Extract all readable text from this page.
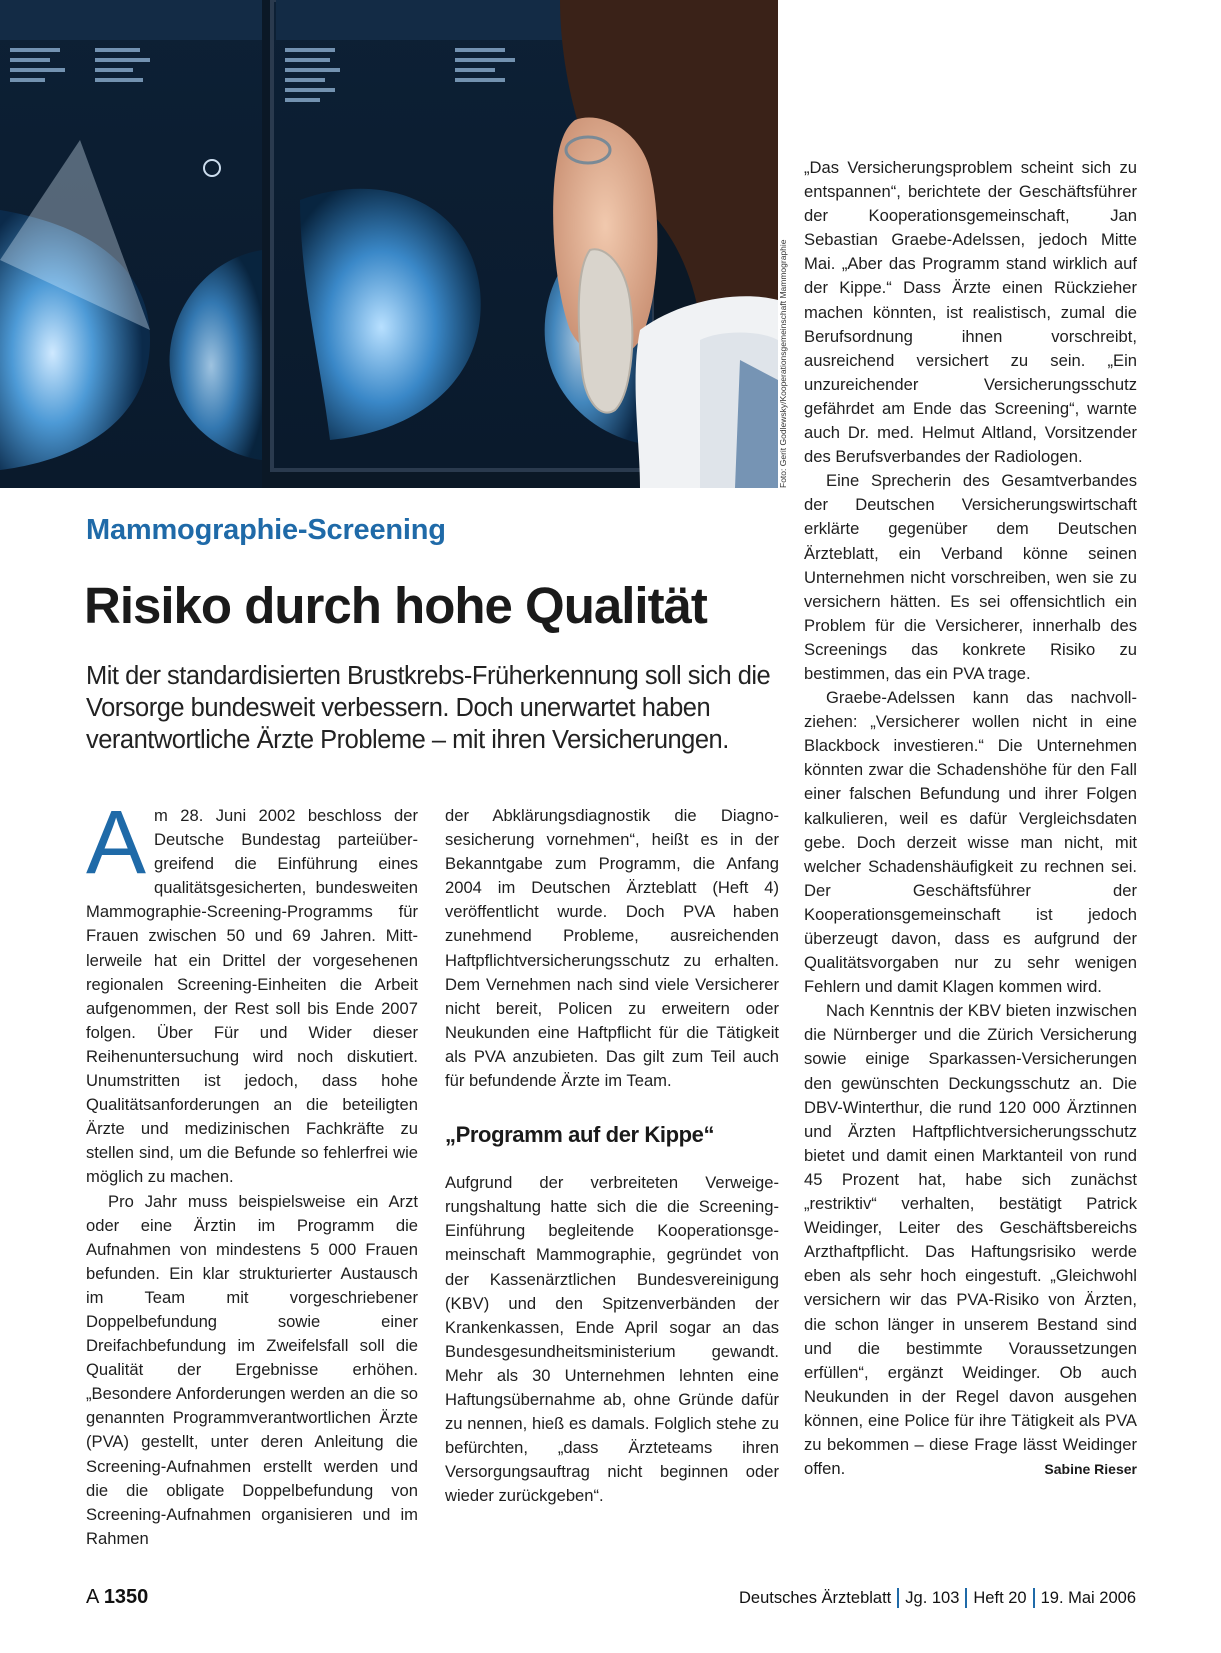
Foto: Gerit Godlewsky/Kooperationsgemeinschaft Mammographie
Mammographie-Screening
Risiko durch hohe Qualität

Mit der standardisierten Brustkrebs-Früherkennung soll sich die Vorsorge bundesweit verbessern. Doch unerwartet haben verantwortliche Ärzte Probleme – mit ihren Versicherungen.

Am 28. Juni 2002 beschloss der Deutsche Bundestag parteiübergreifend die Einführung eines qualitätsgesicherten, bundesweiten Mammographie-Screening-Programms für Frauen zwischen 50 und 69 Jahren. Mittlerweile hat ein Drittel der vorgesehenen regionalen Screening-Einheiten die Arbeit aufgenommen, der Rest soll bis Ende 2007 folgen. Über Für und Wider dieser Reihenuntersuchung wird noch diskutiert. Unumstritten ist jedoch, dass hohe Qualitätsanforderungen an die beteiligten Ärzte und medizinischen Fachkräfte zu stellen sind, um die Befunde so fehlerfrei wie möglich zu machen.

Pro Jahr muss beispielsweise ein Arzt oder eine Ärztin im Programm die Aufnahmen von mindestens 5 000 Frauen befunden. Ein klar strukturierter Austausch im Team mit vorgeschriebener Doppelbefundung sowie einer Dreifachbefundung im Zweifelsfall soll die Qualität der Ergebnisse erhöhen. „Besondere Anforderungen werden an die so genannten Programmverantwortlichen Ärzte (PVA) gestellt, unter deren Anleitung die Screening-Aufnahmen erstellt werden und die die obligate Doppelbefundung von Screening-Aufnahmen organisieren und im Rahmen

der Abklärungsdiagnostik die Diagnosesicherung vornehmen“, heißt es in der Bekanntgabe zum Programm, die Anfang 2004 im Deutschen Ärzteblatt (Heft 4) veröffentlicht wurde. Doch PVA haben zunehmend Probleme, ausreichenden Haftpflichtversicherungsschutz zu erhalten. Dem Vernehmen nach sind viele Versicherer nicht bereit, Policen zu erweitern oder Neukunden eine Haftpflicht für die Tätigkeit als PVA anzubieten. Das gilt zum Teil auch für befundende Ärzte im Team.

„Programm auf der Kippe“

Aufgrund der verbreiteten Verweigerungshaltung hatte sich die die Screening-Einführung begleitende Kooperationsgemeinschaft Mammographie, gegründet von der Kassenärztlichen Bundesvereinigung (KBV) und den Spitzenverbänden der Krankenkassen, Ende April sogar an das Bundesgesundheitsministerium gewandt. Mehr als 30 Unternehmen lehnten eine Haftungsübernahme ab, ohne Gründe dafür zu nennen, hieß es damals. Folglich stehe zu befürchten, „dass Ärzteteams ihren Versorgungsauftrag nicht beginnen oder wieder zurückgeben“.

„Das Versicherungsproblem scheint sich zu entspannen“, berichtete der Geschäftsführer der Kooperationsgemeinschaft, Jan Sebastian Graebe-Adelssen, jedoch Mitte Mai. „Aber das Programm stand wirklich auf der Kippe.“ Dass Ärzte einen Rückzieher machen könnten, ist realistisch, zumal die Berufsordnung ihnen vorschreibt, ausreichend versichert zu sein. „Ein unzureichender Versicherungsschutz gefährdet am Ende das Screening“, warnte auch Dr. med. Helmut Altland, Vorsitzender des Berufsverbandes der Radiologen.

Eine Sprecherin des Gesamtverbandes der Deutschen Versicherungswirtschaft erklärte gegenüber dem Deutschen Ärzteblatt, ein Verband könne seinen Unternehmen nicht vorschreiben, wen sie zu versichern hätten. Es sei offensichtlich ein Problem für die Versicherer, innerhalb des Screenings das konkrete Risiko zu bestimmen, das ein PVA trage.

Graebe-Adelssen kann das nachvollziehen: „Versicherer wollen nicht in eine Blackbock investieren.“ Die Unternehmen könnten zwar die Schadenshöhe für den Fall einer falschen Befundung und ihrer Folgen kalkulieren, weil es dafür Vergleichsdaten gebe. Doch derzeit wisse man nicht, mit welcher Schadenshäufigkeit zu rechnen sei. Der Geschäftsführer der Kooperationsgemeinschaft ist jedoch überzeugt davon, dass es aufgrund der Qualitätsvorgaben nur zu sehr wenigen Fehlern und damit Klagen kommen wird.

Nach Kenntnis der KBV bieten inzwischen die Nürnberger und die Zürich Versicherung sowie einige Sparkassen-Versicherungen den gewünschten Deckungsschutz an. Die DBV-Winterthur, die rund 120 000 Ärztinnen und Ärzten Haftpflichtversicherungsschutz bietet und damit einen Marktanteil von rund 45 Prozent hat, habe sich zunächst „restriktiv“ verhalten, bestätigt Patrick Weidinger, Leiter des Geschäftsbereichs Arzthaftpflicht. Das Haftungsrisiko werde eben als sehr hoch eingestuft. „Gleichwohl versichern wir das PVA-Risiko von Ärzten, die schon länger in unserem Bestand sind und die bestimmte Voraussetzungen erfüllen“, ergänzt Weidinger. Ob auch Neukunden in der Regel davon ausgehen können, eine Police für ihre Tätigkeit als PVA zu bekommen – diese Frage lässt Weidinger offen.	Sabine Rieser

A 1350	Deutsches Ärzteblatt Jg. 103 Heft 20 19. Mai 2006
